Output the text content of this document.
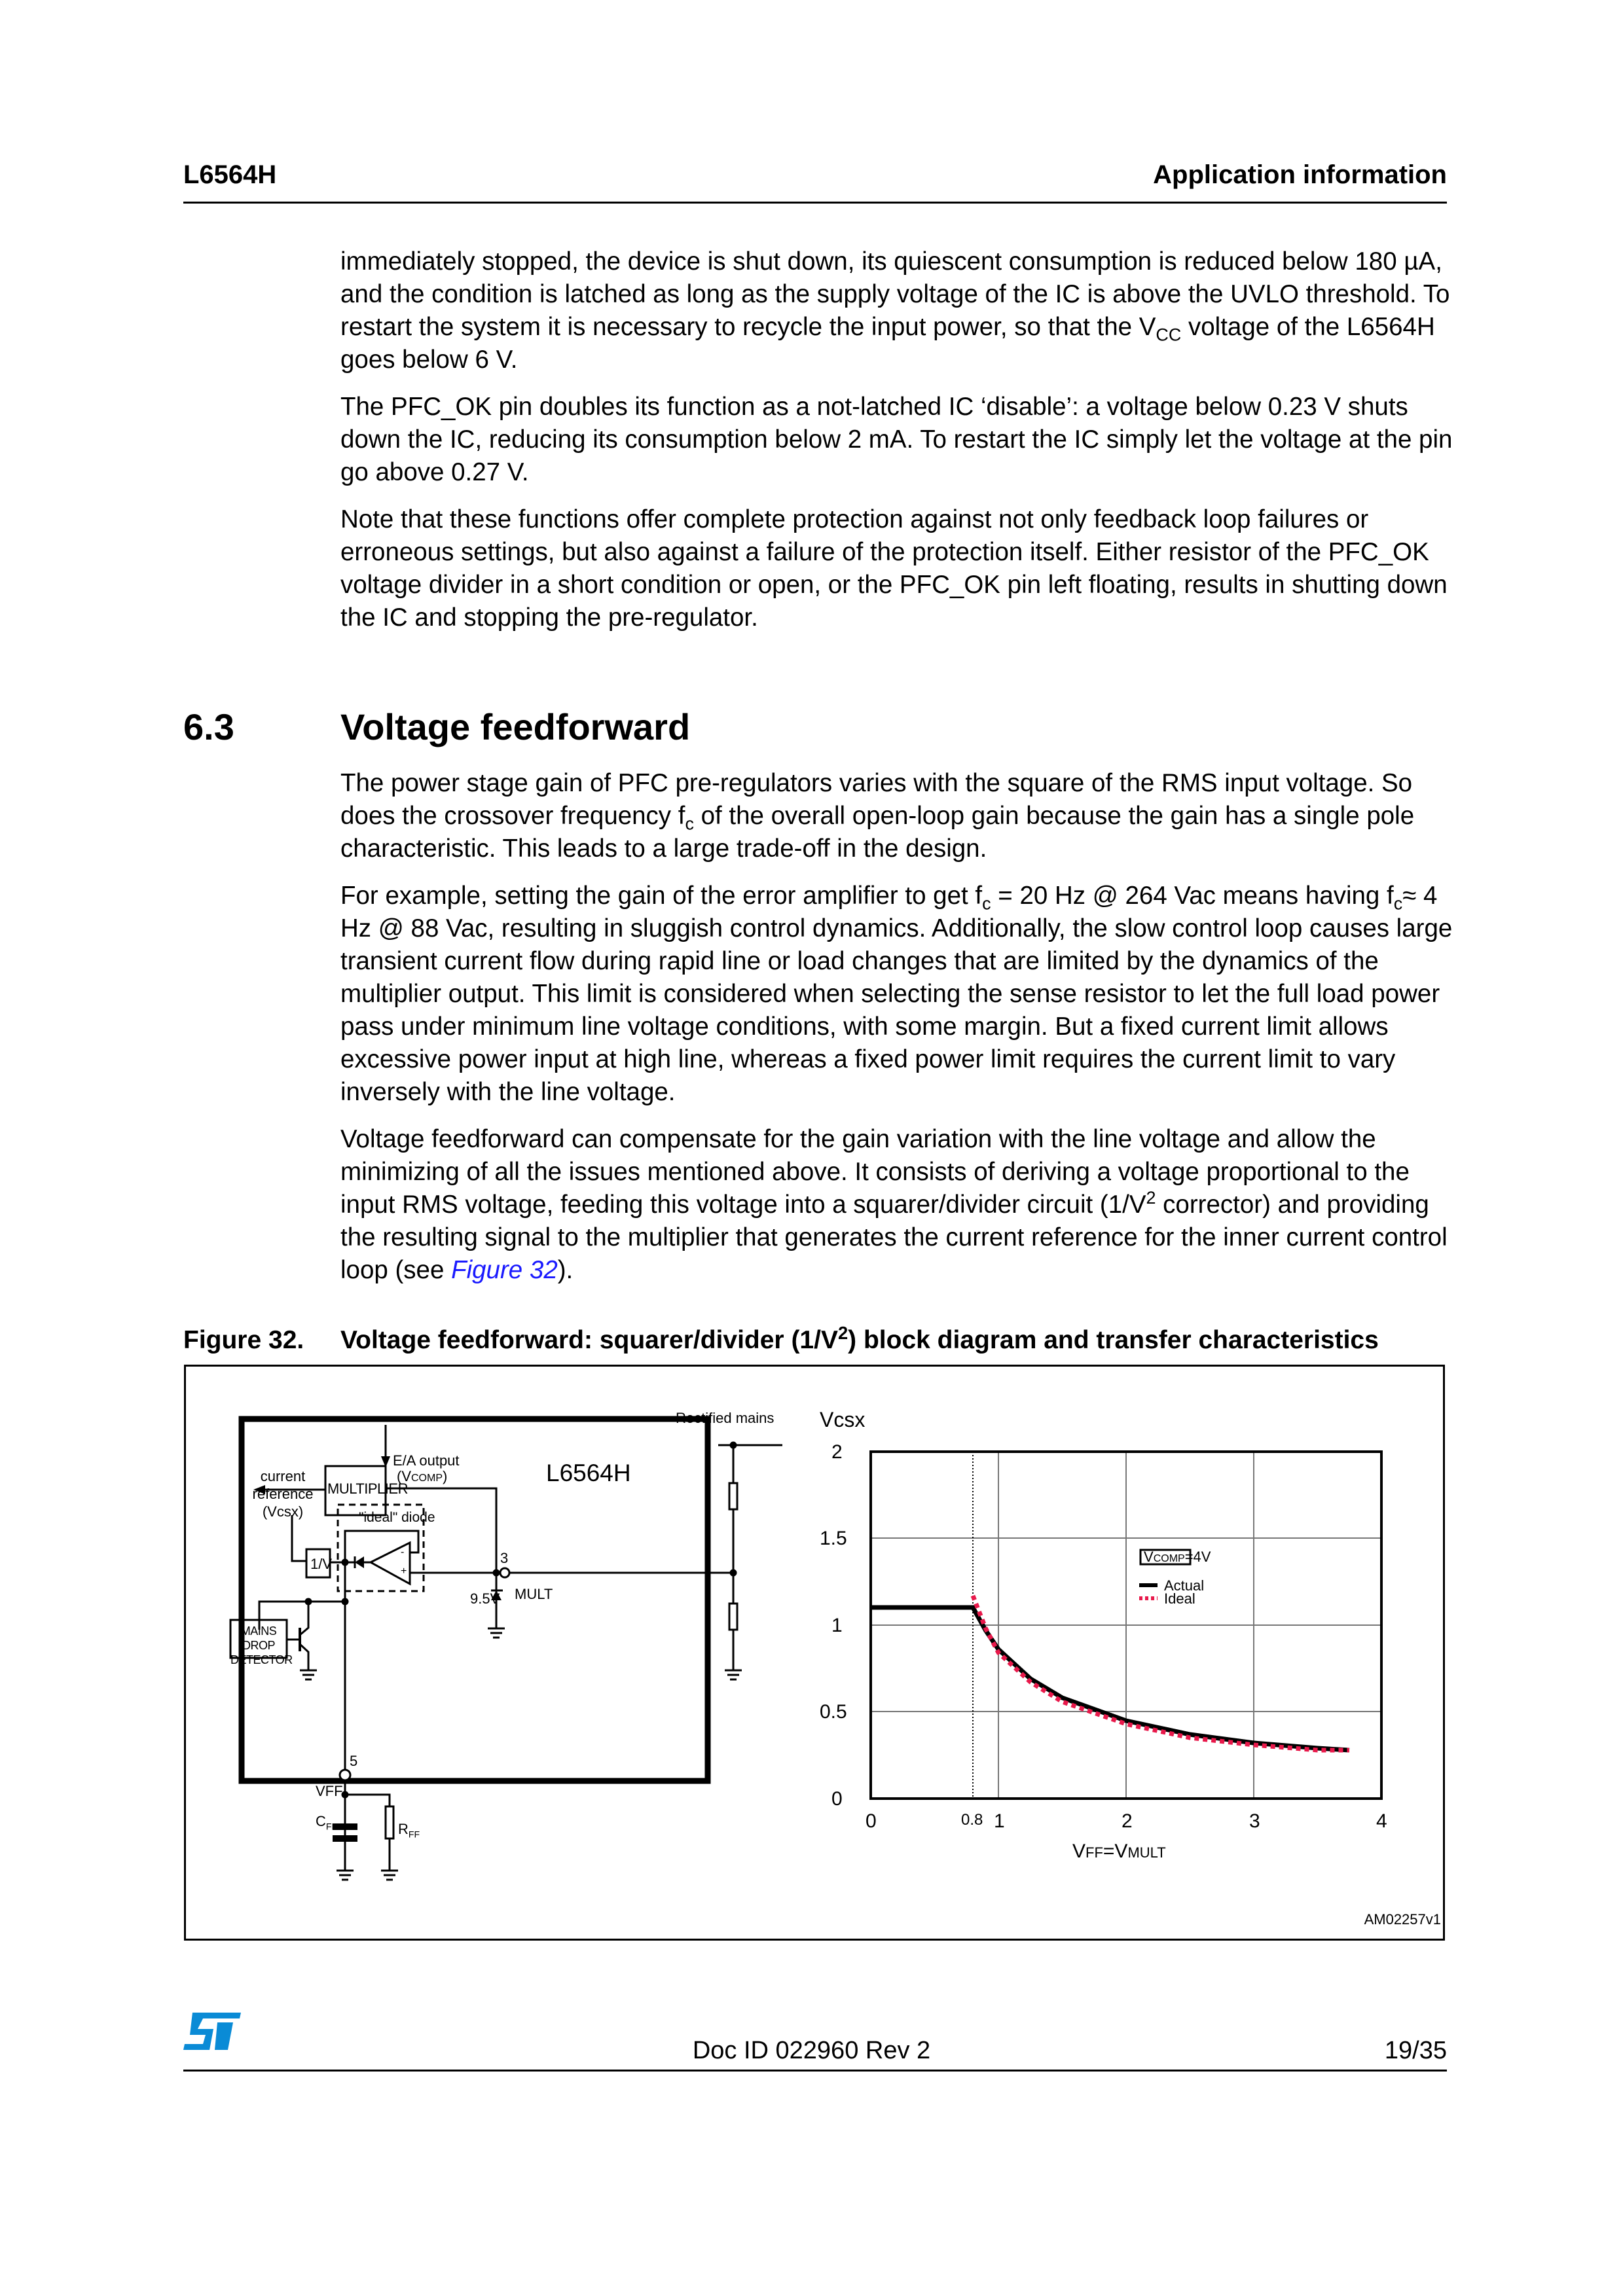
L6564H	Application information

immediately stopped, the device is shut down, its quiescent consumption is reduced below 180 µA, and the condition is latched as long as the supply voltage of the IC is above the UVLO threshold. To restart the system it is necessary to recycle the input power, so that the $V_{CC}$ voltage of the L6564H goes below 6 V.

The PFC_OK pin doubles its function as a not-latched IC ‘disable’: a voltage below 0.23 V shuts down the IC, reducing its consumption below 2 mA. To restart the IC simply let the voltage at the pin go above 0.27 V.

Note that these functions offer complete protection against not only feedback loop failures or erroneous settings, but also against a failure of the protection itself. Either resistor of the PFC_OK voltage divider in a short condition or open, or the PFC_OK pin left floating, results in shutting down the IC and stopping the pre-regulator.

6.3	Voltage feedforward

The power stage gain of PFC pre-regulators varies with the square of the RMS input voltage. So does the crossover frequency $f_c$ of the overall open-loop gain because the gain has a single pole characteristic. This leads to a large trade-off in the design.

For example, setting the gain of the error amplifier to get $f_c = 20$ Hz @ 264 Vac means having $f_c\approx 4$ Hz @ 88 Vac, resulting in sluggish control dynamics. Additionally, the slow control loop causes large transient current flow during rapid line or load changes that are limited by the dynamics of the multiplier output. This limit is considered when selecting the sense resistor to let the full load power pass under minimum line voltage conditions, with some margin. But a fixed current limit allows excessive power input at high line, whereas a fixed power limit requires the current limit to vary inversely with the line voltage.

Voltage feedforward can compensate for the gain variation with the line voltage and allow the minimizing of all the issues mentioned above. It consists of deriving a voltage proportional to the input RMS voltage, feeding this voltage into a squarer/divider circuit ($1/V^2$ corrector) and providing the resulting signal to the multiplier that generates the current reference for the inner current control loop (see Figure 32).

Figure 32. Voltage feedforward: squarer/divider $(1/V^2)$ block diagram and transfer characteristics
current
reference
(Vcsx)
E/A output
(VCOMP)	L6564H
MULTIPLIER
1/V
"ideal" diode
-
+
3
9.5V MULT
Rectified mains
MAINS DROP
DETECTOR
5
VFF
$C_{FF}$	$R_{FF}$
Vcsx
2
1.5
1
0.5
0
0	0.8 1	2	3	4
VFF=VMULT
VCOMP=4V
Actual
Ideal
AM02257v1
Doc ID 022960 Rev 2	19/35
